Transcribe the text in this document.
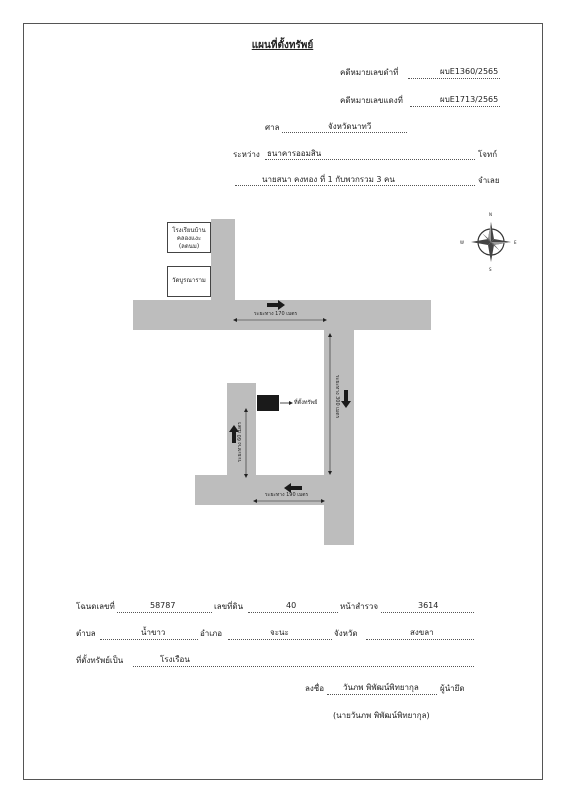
แผนที่ตั้งทรัพย์
คดีหมายเลขดำที่	ผบE1360/2565
คดีหมายเลขแดงที่	ผบE1713/2565
ศาล	จังหวัดนาทวี
ระหว่าง ธนาคารออมสิน	โจทก์
นายสนา คงทอง ที่ 1 กับพวกรวม 3 คน	จำเลย
โรงเรียนบ้านคลองแงะ (ลดนม)
วัดบูรณาราม
ที่ตั้งทรัพย์
ระยะทาง 170 เมตร
ระยะทาง 300 เมตร
ระยะทาง 60 เมตร
ระยะทาง 190 เมตร
N
S
E
W
โฉนดเลขที่	58787	เลขที่ดิน	40	หน้าสำรวจ	3614
ตำบล	น้ำขาว	อำเภอ	จะนะ	จังหวัด	สงขลา
ที่ตั้งทรัพย์เป็น	โรงเรือน
ลงชื่อ วันภพ พิพัฒน์พิทยากุล	ผู้นำยึด
(นายวันภพ พิพัฒน์พิทยากุล)
